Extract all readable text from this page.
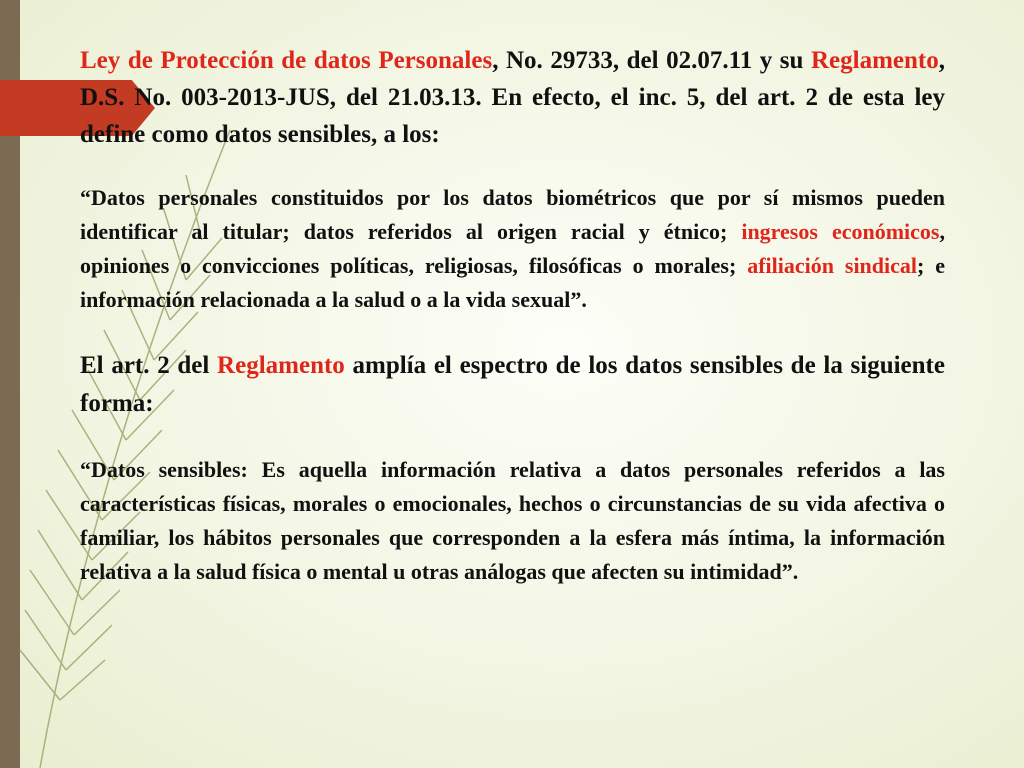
Ley de Protección de datos Personales, No. 29733, del 02.07.11 y su Reglamento, D.S. No. 003-2013-JUS, del 21.03.13. En efecto, el inc. 5, del art. 2 de esta ley define como datos sensibles, a los:

“Datos personales constituidos por los datos biométricos que por sí mismos pueden identificar al titular; datos referidos al origen racial y étnico; ingresos económicos, opiniones o convicciones políticas, religiosas, filosóficas o morales; afiliación sindical; e información relacionada a la salud o a la vida sexual”.

El art. 2 del Reglamento amplía el espectro de los datos sensibles de la siguiente forma:

“Datos sensibles: Es aquella información relativa a datos personales referidos a las características físicas, morales o emocionales, hechos o circunstancias de su vida afectiva o familiar, los hábitos personales que corresponden a la esfera más íntima, la información relativa a la salud física o mental u otras análogas que afecten su intimidad”.
